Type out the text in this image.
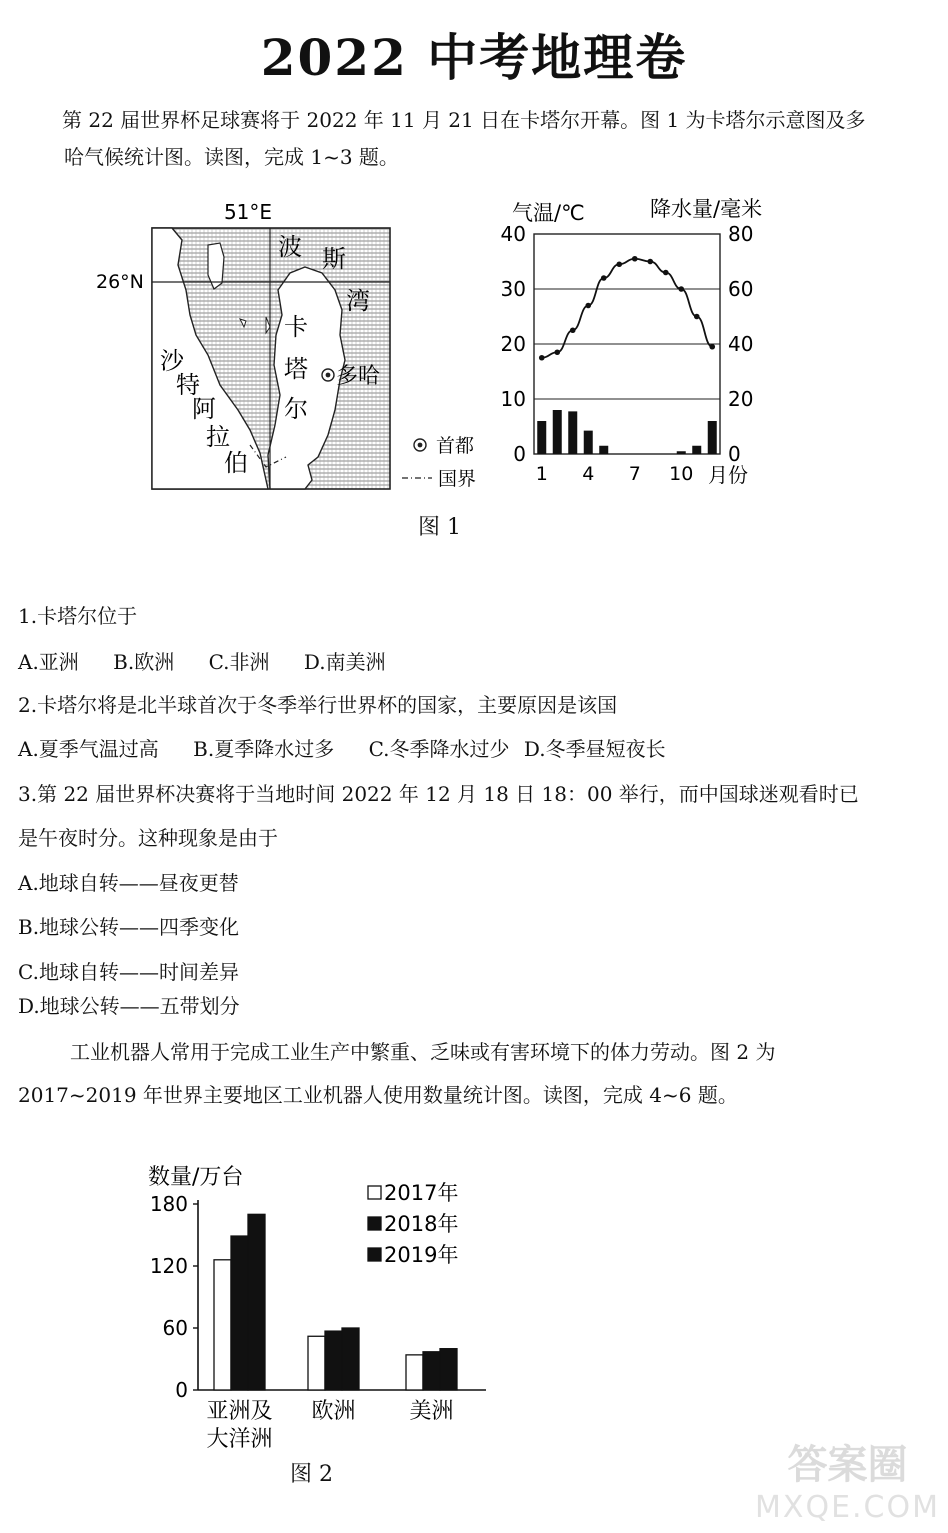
2022 中考地理卷
第 22 届世界杯足球赛将于 2022 年 11 月 21 日在卡塔尔开幕。图 1 为卡塔尔示意图及多
哈气候统计图。读图，完成 1~3 题。
51°E
26°N
波 斯
湾
卡
塔
尔
沙
特
阿
拉
伯
多哈
首都
国界
气温/℃	降水量/毫米
0
10
20
30
40
0
20
40
60
80
1 4 7 10 月份
图 1
1.卡塔尔位于
A.亚洲 B.欧洲 C.非洲 D.南美洲
2.卡塔尔将是北半球首次于冬季举行世界杯的国家，主要原因是该国
A.夏季气温过高 B.夏季降水过多 C.冬季降水过少 D.冬季昼短夜长
3.第 22 届世界杯决赛将于当地时间 2022 年 12 月 18 日 18：00 举行，而中国球迷观看时已
是午夜时分。这种现象是由于
A.地球自转——昼夜更替
B.地球公转——四季变化
C.地球自转——时间差异
D.地球公转——五带划分
工业机器人常用于完成工业生产中繁重、乏味或有害环境下的体力劳动。图 2 为
2017~2019 年世界主要地区工业机器人使用数量统计图。读图，完成 4~6 题。
数量/万台
0
60
120
180	2017年
2018年
2019年
亚洲及
大洋洲
欧洲 美洲
图 2	答案圈
MXQE.COM
